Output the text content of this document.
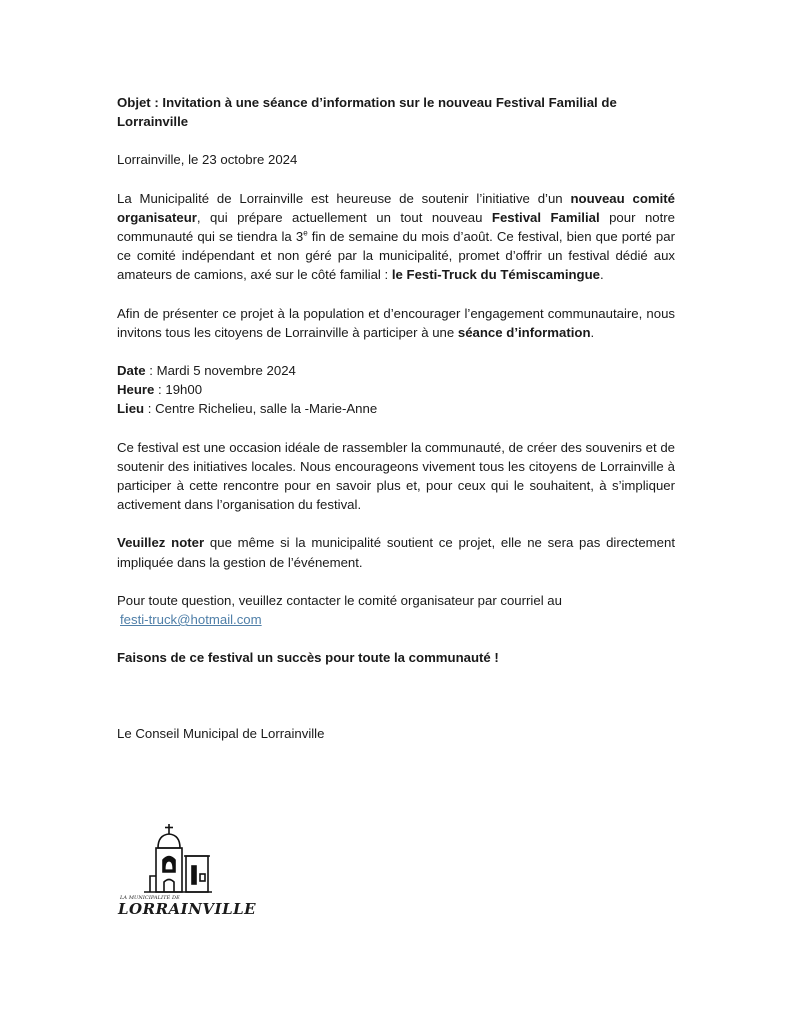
Objet : Invitation à une séance d’information sur le nouveau Festival Familial de Lorrainville

Lorrainville, le 23 octobre 2024

La Municipalité de Lorrainville est heureuse de soutenir l’initiative d’un nouveau comité organisateur, qui prépare actuellement un tout nouveau Festival Familial pour notre communauté qui se tiendra la 3e fin de semaine du mois d’août. Ce festival, bien que porté par ce comité indépendant et non géré par la municipalité, promet d’offrir un festival dédié aux amateurs de camions, axé sur le côté familial : le Festi-Truck du Témiscamingue.

Afin de présenter ce projet à la population et d’encourager l’engagement communautaire, nous invitons tous les citoyens de Lorrainville à participer à une séance d’information.

Date : Mardi 5 novembre 2024

Heure : 19h00

Lieu : Centre Richelieu, salle la -Marie-Anne

Ce festival est une occasion idéale de rassembler la communauté, de créer des souvenirs et de soutenir des initiatives locales. Nous encourageons vivement tous les citoyens de Lorrainville à participer à cette rencontre pour en savoir plus et, pour ceux qui le souhaitent, à s’impliquer activement dans l’organisation du festival.

Veuillez noter que même si la municipalité soutient ce projet, elle ne sera pas directement impliquée dans la gestion de l’événement.

Pour toute question, veuillez contacter le comité organisateur par courriel au
festi-truck@hotmail.com

Faisons de ce festival un succès pour toute la communauté !

Le Conseil Municipal de Lorrainville

LA MUNICIPALITÉ DE
LORRAINVILLE
